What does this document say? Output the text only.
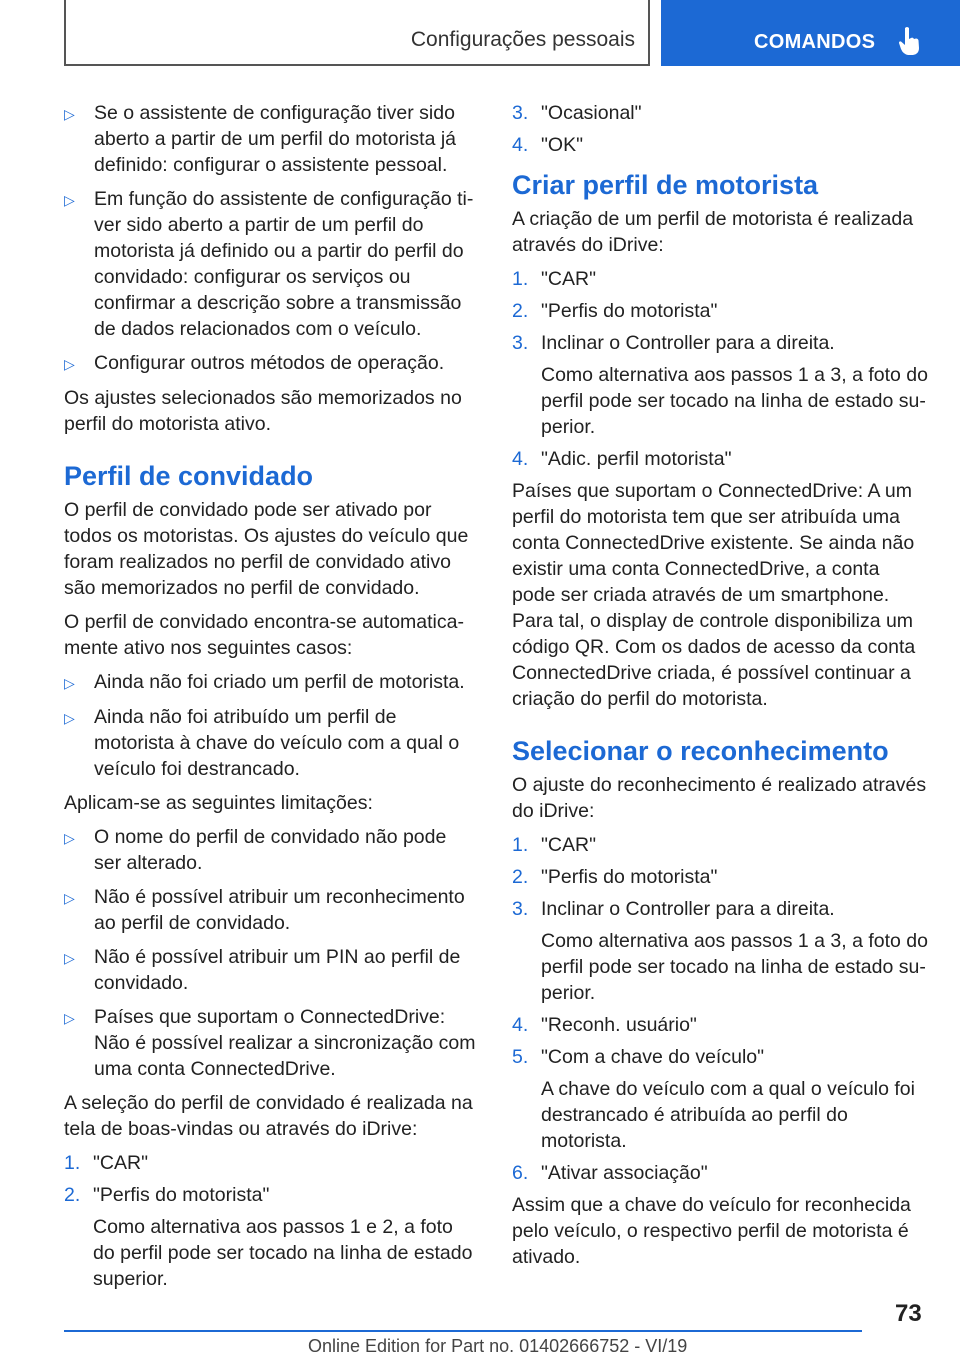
Configurações pessoais	COMANDOS
▷ Se o assistente de configuração tiver sido aberto a partir de um perfil do motorista já definido: configurar o assistente pessoal.
▷ Em função do assistente de configuração tiver sido aberto a partir de um perfil do motorista já definido ou a partir do perfil do convidado: configurar os serviços ou confirmar a descrição sobre a transmissão de dados relacionados com o veículo.
▷ Configurar outros métodos de operação.

Os ajustes selecionados são memorizados no perfil do motorista ativo.

Perfil de convidado

O perfil de convidado pode ser ativado por todos os motoristas. Os ajustes do veículo que foram realizados no perfil de convidado ativo são memorizados no perfil de convidado.

O perfil de convidado encontra-se automaticamente ativo nos seguintes casos:

▷ Ainda não foi criado um perfil de motorista.
▷ Ainda não foi atribuído um perfil de motorista à chave do veículo com a qual o veículo foi destrancado.

Aplicam-se as seguintes limitações:

▷ O nome do perfil de convidado não pode ser alterado.
▷ Não é possível atribuir um reconhecimento ao perfil de convidado.
▷ Não é possível atribuir um PIN ao perfil de convidado.
▷ Países que suportam o ConnectedDrive: Não é possível realizar a sincronização com uma conta ConnectedDrive.

A seleção do perfil de convidado é realizada na tela de boas-vindas ou através do iDrive:

1. "CAR"
2. "Perfis do motorista"
Como alternativa aos passos 1 e 2, a foto do perfil pode ser tocado na linha de estado superior.
3. "Ocasional"
4. "OK"
Criar perfil de motorista

A criação de um perfil de motorista é realizada através do iDrive:

1. "CAR"
2. "Perfis do motorista"
3. Inclinar o Controller para a direita.
Como alternativa aos passos 1 a 3, a foto do perfil pode ser tocado na linha de estado superior.
4. "Adic. perfil motorista"

Países que suportam o ConnectedDrive: A um perfil do motorista tem que ser atribuída uma conta ConnectedDrive existente. Se ainda não existir uma conta ConnectedDrive, a conta pode ser criada através de um smartphone. Para tal, o display de controle disponibiliza um código QR. Com os dados de acesso da conta ConnectedDrive criada, é possível continuar a criação do perfil do motorista.

Selecionar o reconhecimento

O ajuste do reconhecimento é realizado através do iDrive:

1. "CAR"
2. "Perfis do motorista"
3. Inclinar o Controller para a direita.
Como alternativa aos passos 1 a 3, a foto do perfil pode ser tocado na linha de estado superior.
4. "Reconh. usuário"
5. "Com a chave do veículo"
A chave do veículo com a qual o veículo foi destrancado é atribuída ao perfil do motorista.
6. "Ativar associação"

Assim que a chave do veículo for reconhecida pelo veículo, o respectivo perfil de motorista é ativado.

73
Online Edition for Part no. 01402666752 - VI/19
